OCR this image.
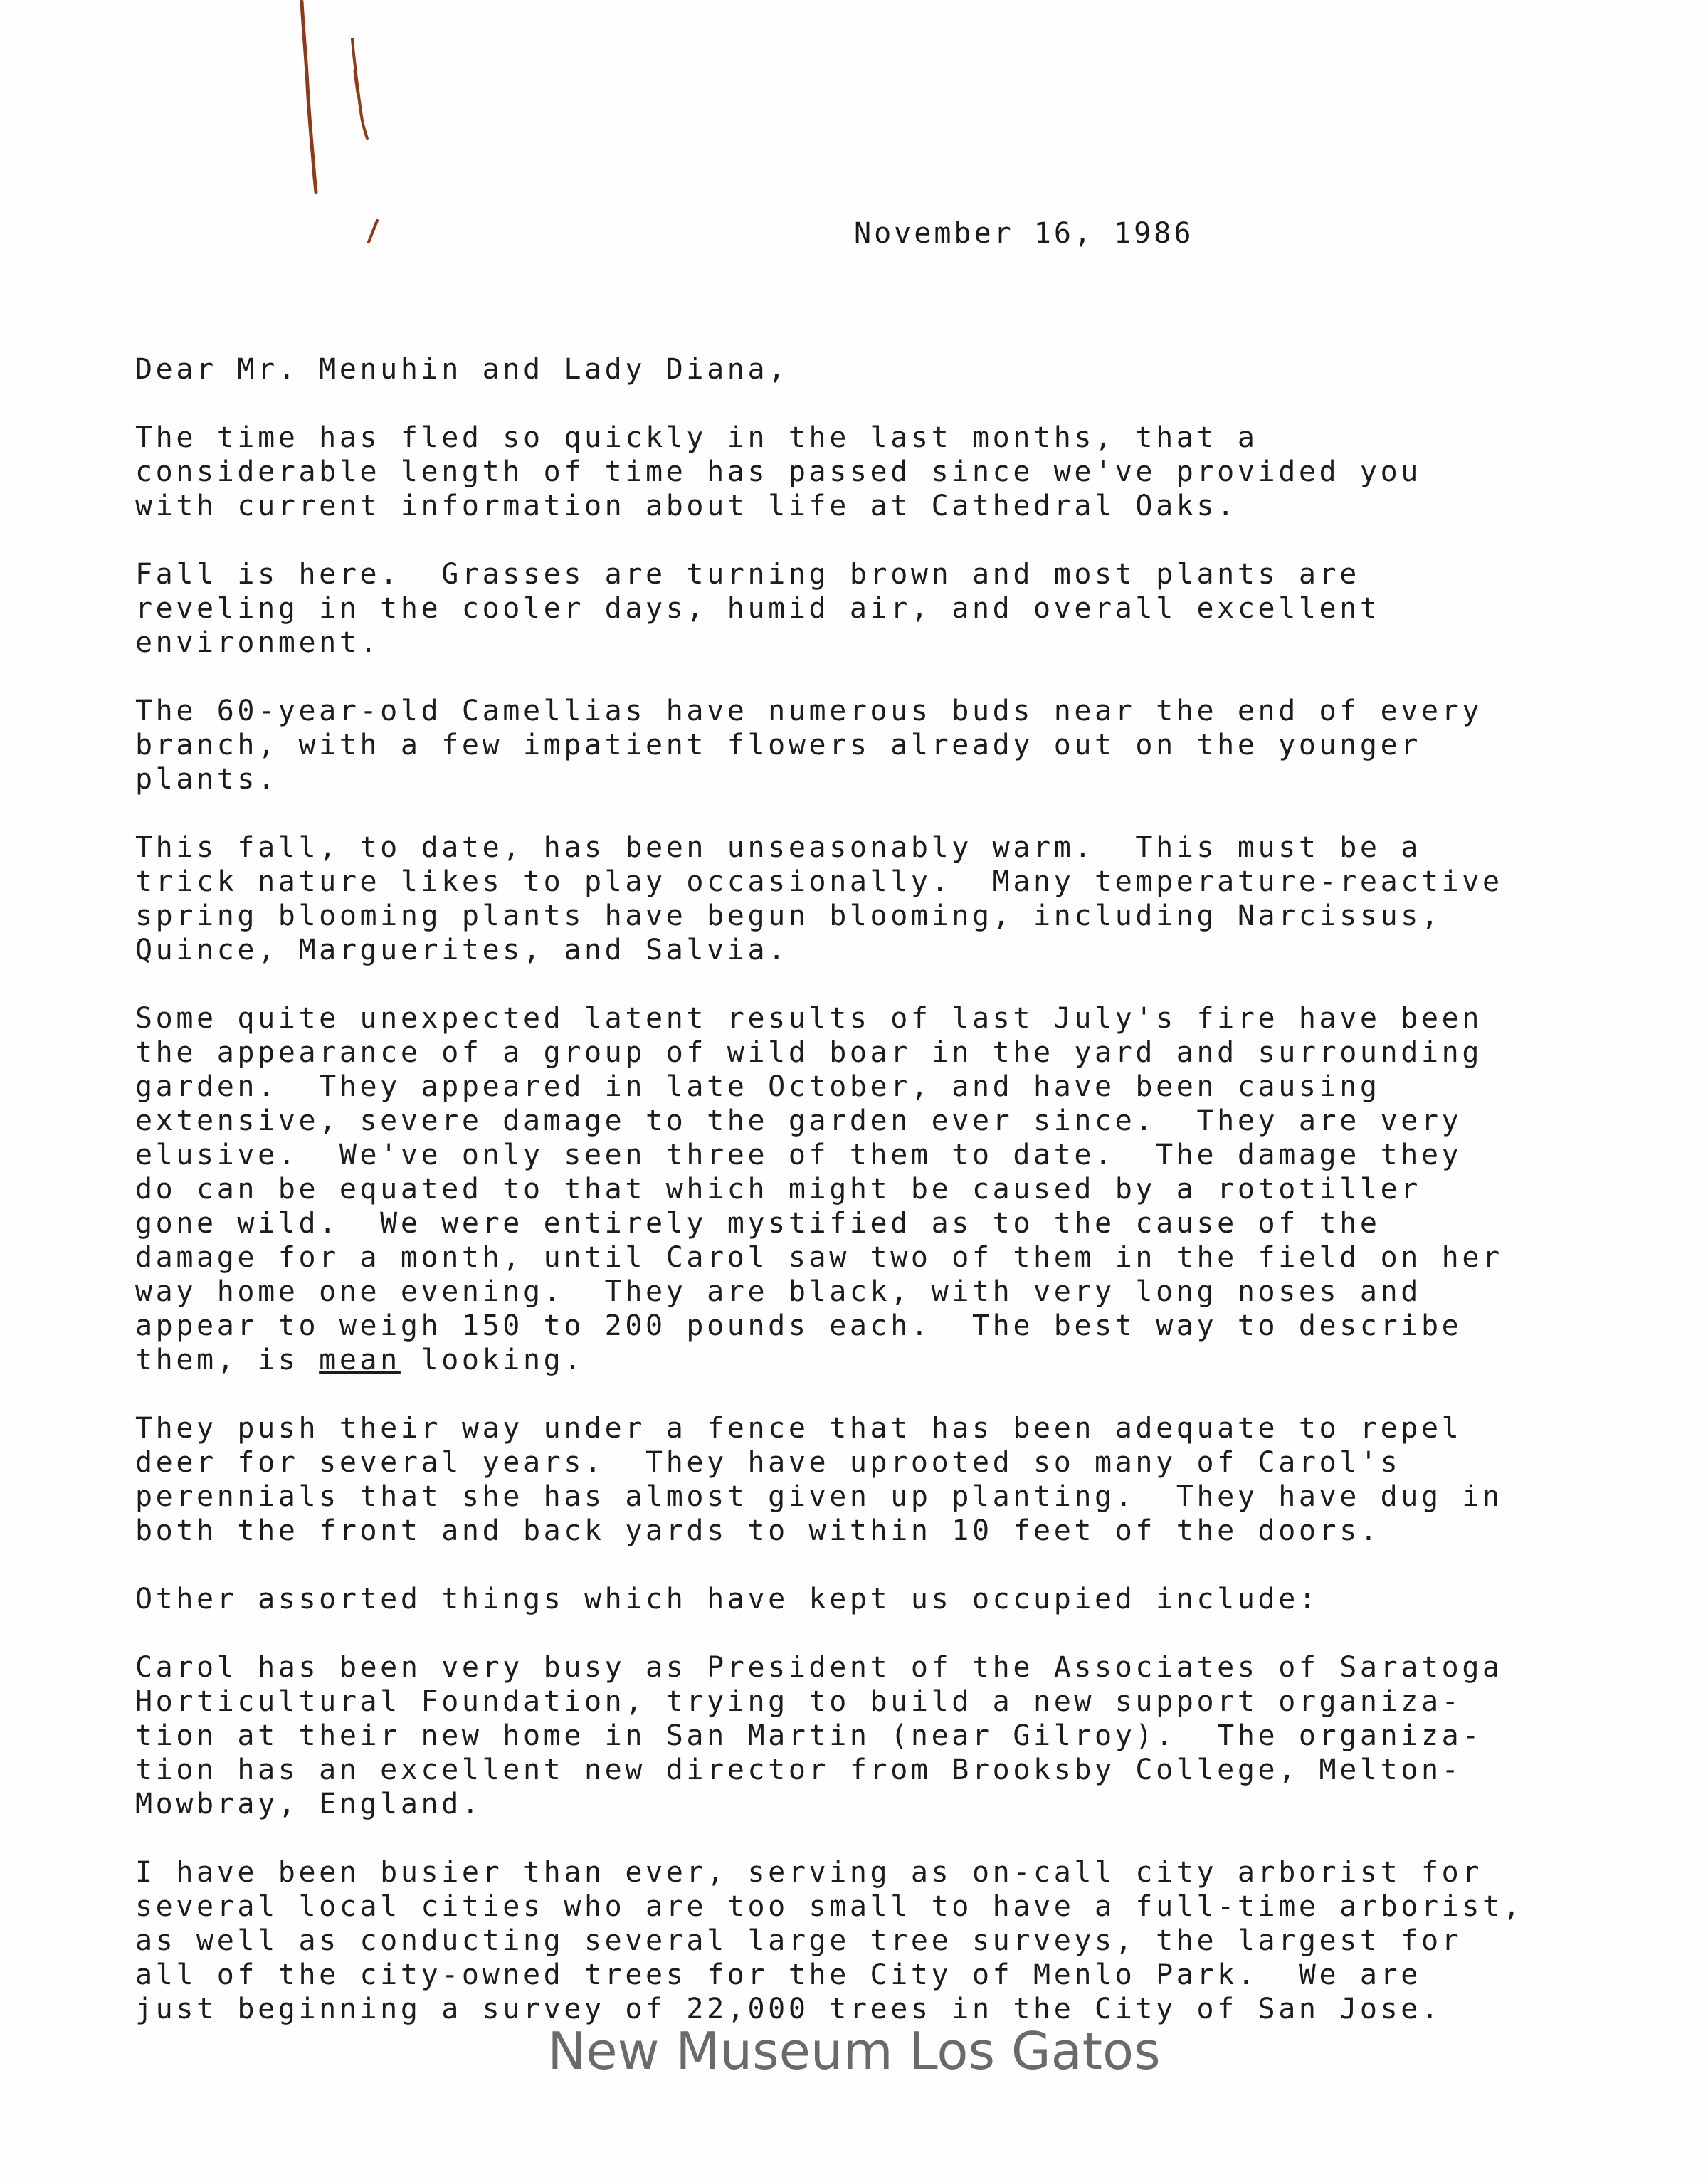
November 16, 1986

Dear Mr. Menuhin and Lady Diana,

The time has fled so quickly in the last months, that a
considerable length of time has passed since we've provided you
with current information about life at Cathedral Oaks.

Fall is here.  Grasses are turning brown and most plants are
reveling in the cooler days, humid air, and overall excellent
environment.

The 60-year-old Camellias have numerous buds near the end of every
branch, with a few impatient flowers already out on the younger
plants.

This fall, to date, has been unseasonably warm.  This must be a
trick nature likes to play occasionally.  Many temperature-reactive
spring blooming plants have begun blooming, including Narcissus,
Quince, Marguerites, and Salvia.

Some quite unexpected latent results of last July's fire have been
the appearance of a group of wild boar in the yard and surrounding
garden.  They appeared in late October, and have been causing
extensive, severe damage to the garden ever since.  They are very
elusive.  We've only seen three of them to date.  The damage they
do can be equated to that which might be caused by a rototiller
gone wild.  We were entirely mystified as to the cause of the
damage for a month, until Carol saw two of them in the field on her
way home one evening.  They are black, with very long noses and
appear to weigh 150 to 200 pounds each.  The best way to describe
them, is mean looking.

They push their way under a fence that has been adequate to repel
deer for several years.  They have uprooted so many of Carol's
perennials that she has almost given up planting.  They have dug in
both the front and back yards to within 10 feet of the doors.

Other assorted things which have kept us occupied include:

Carol has been very busy as President of the Associates of Saratoga
Horticultural Foundation, trying to build a new support organiza-
tion at their new home in San Martin (near Gilroy).  The organiza-
tion has an excellent new director from Brooksby College, Melton-
Mowbray, England.

I have been busier than ever, serving as on-call city arborist for
several local cities who are too small to have a full-time arborist,
as well as conducting several large tree surveys, the largest for
all of the city-owned trees for the City of Menlo Park.  We are
just beginning a survey of 22,000 trees in the City of San Jose.

New Museum Los Gatos
